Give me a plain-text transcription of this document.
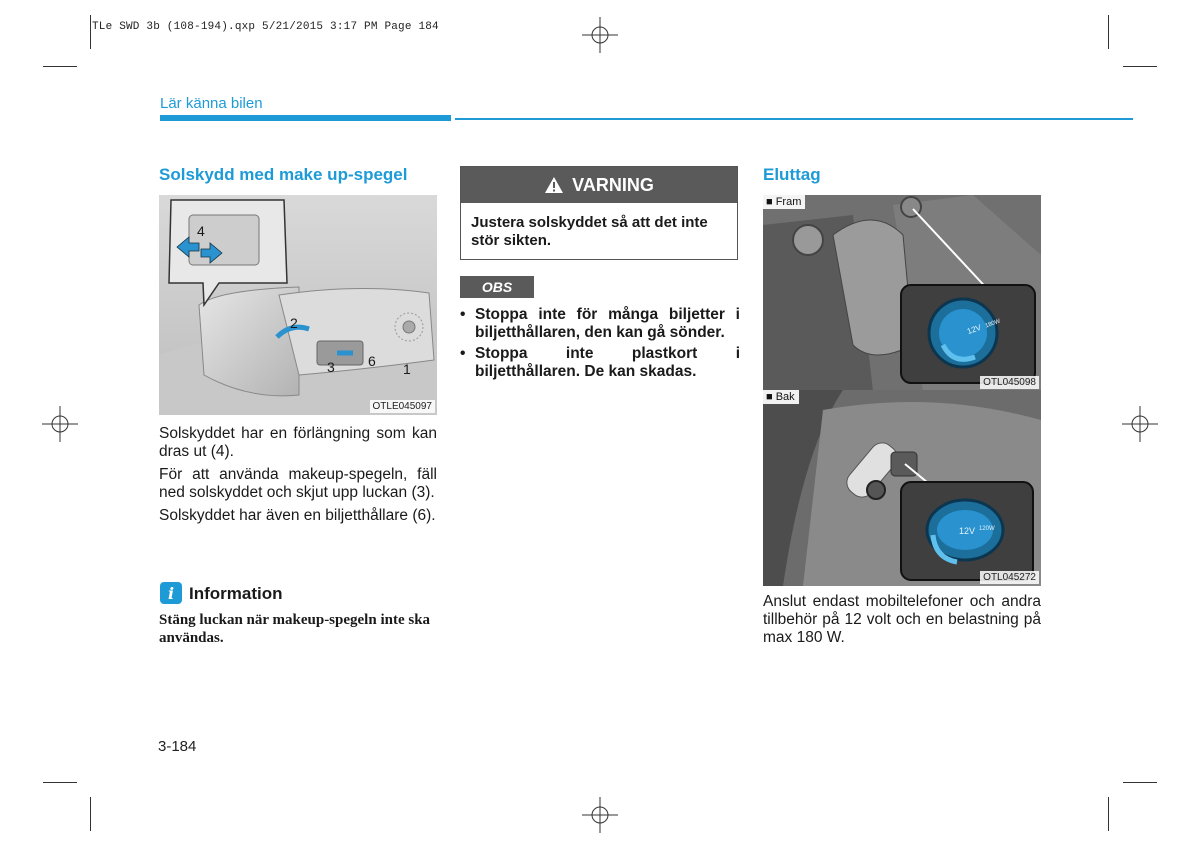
TLe SWD 3b (108-194).qxp 5/21/2015 3:17 PM Page 184
Lär känna bilen
Solskydd med make up-spegel
4
2
3 6 1
OTLE045097

Solskyddet har en förlängning som kan dras ut (4).

För att använda makeup-spegeln, fäll ned solskyddet och skjut upp luckan (3).

Solskyddet har även en biljetthållare (6).

i Information
Stäng luckan när makeup-spegeln inte ska användas.
VARNING
Justera solskyddet så att det inte stör sikten.
OBS
• Stoppa inte för många biljetter i biljetthållaren, den kan gå sönder.
• Stoppa inte plastkort i biljetthållaren. De kan skadas.
Eluttag
■ Fram
12V 180W
OTL045098
■ Bak
12V 120W
OTL045272
Anslut endast mobiltelefoner och andra tillbehör på 12 volt och en belastning på max 180 W.
3-184
